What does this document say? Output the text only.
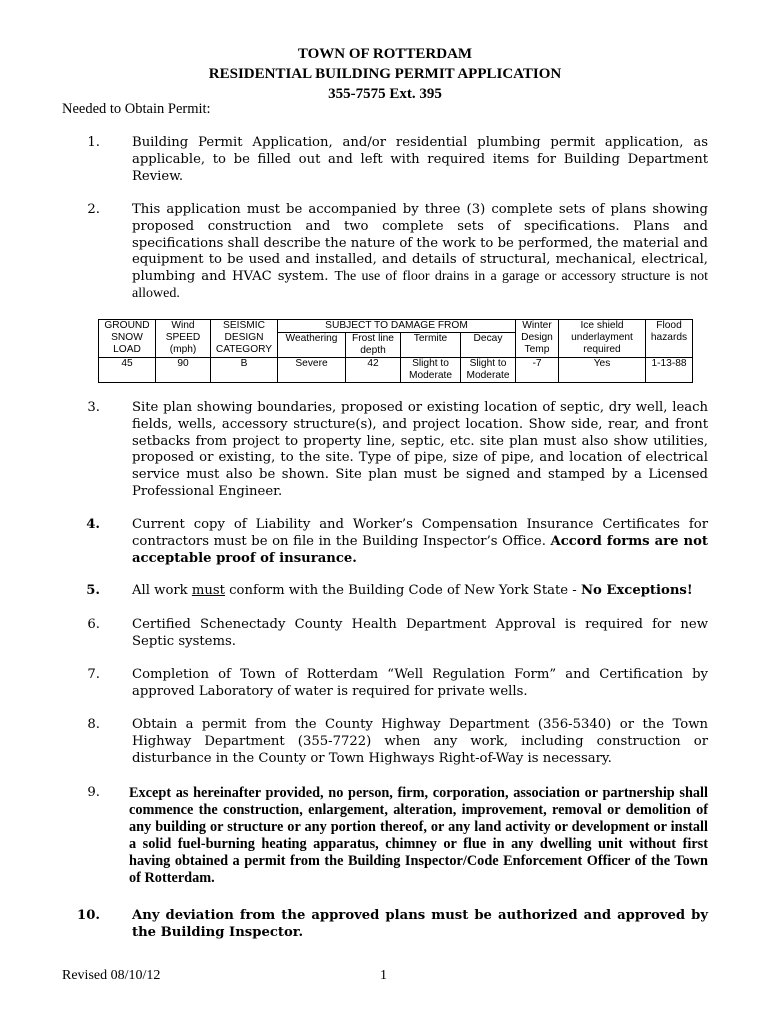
TOWN OF ROTTERDAM
RESIDENTIAL BUILDING PERMIT APPLICATION
355-7575 Ext. 395
Needed to Obtain Permit:
1. Building Permit Application, and/or residential plumbing permit application, as applicable, to be filled out and left with required items for Building Department Review.
2. This application must be accompanied by three (3) complete sets of plans showing proposed construction and two complete sets of specifications. Plans and specifications shall describe the nature of the work to be performed, the material and equipment to be used and installed, and details of structural, mechanical, electrical, plumbing and HVAC system. The use of floor drains in a garage or accessory structure is not allowed.
GROUND SNOW LOAD	Wind SPEED (mph)	SEISMIC DESIGN CATEGORY	SUBJECT TO DAMAGE FROM				Winter Design Temp	Ice shield underlayment required	Flood hazards
			Weathering	Frost line depth	Termite	Decay			
45	90	B	Severe	42	Slight to Moderate	Slight to Moderate	-7	Yes	1-13-88
3. Site plan showing boundaries, proposed or existing location of septic, dry well, leach fields, wells, accessory structure(s), and project location. Show side, rear, and front setbacks from project to property line, septic, etc. site plan must also show utilities, proposed or existing, to the site. Type of pipe, size of pipe, and location of electrical service must also be shown. Site plan must be signed and stamped by a Licensed Professional Engineer.
4. Current copy of Liability and Worker’s Compensation Insurance Certificates for contractors must be on file in the Building Inspector’s Office. Accord forms are not acceptable proof of insurance.
5. All work must conform with the Building Code of New York State - No Exceptions!
6. Certified Schenectady County Health Department Approval is required for new Septic systems.
7. Completion of Town of Rotterdam “Well Regulation Form” and Certification by approved Laboratory of water is required for private wells.
8. Obtain a permit from the County Highway Department (356-5340) or the Town Highway Department (355-7722) when any work, including construction or disturbance in the County or Town Highways Right-of-Way is necessary.
9. Except as hereinafter provided, no person, firm, corporation, association or partnership shall commence the construction, enlargement, alteration, improvement, removal or demolition of any building or structure or any portion thereof, or any land activity or development or install a solid fuel-burning heating apparatus, chimney or flue in any dwelling unit without first having obtained a permit from the Building Inspector/Code Enforcement Officer of the Town of Rotterdam.
10. Any deviation from the approved plans must be authorized and approved by the Building Inspector.
Revised 08/10/12	1
